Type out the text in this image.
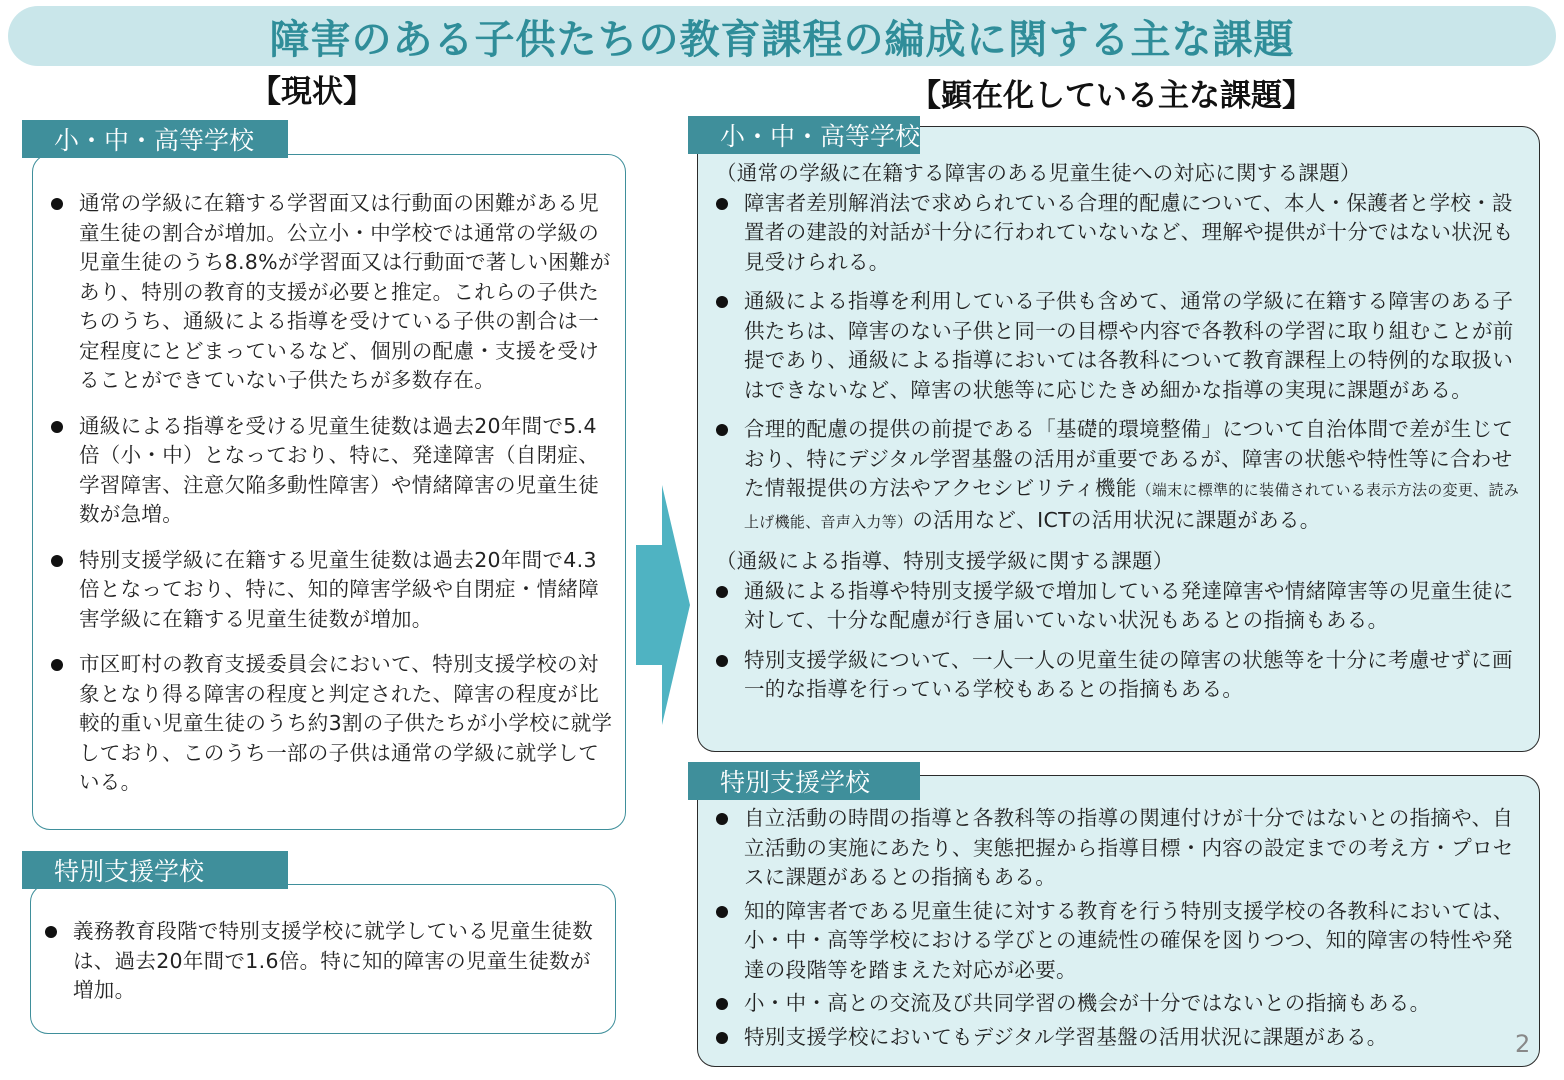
障害のある子供たちの教育課程の編成に関する主な課題
【現状】	【顕在化している主な課題】
小・中・高等学校
通常の学級に在籍する学習面又は行動面の困難がある児童生徒の割合が増加。公立小・中学校では通常の学級の児童生徒のうち8.8%が学習面又は行動面で著しい困難があり、特別の教育的支援が必要と推定。これらの子供たちのうち、通級による指導を受けている子供の割合は一定程度にとどまっているなど、個別の配慮・支援を受けることができていない子供たちが多数存在。
通級による指導を受ける児童生徒数は過去20年間で5.4倍（小・中）となっており、特に、発達障害（自閉症、学習障害、注意欠陥多動性障害）や情緒障害の児童生徒数が急増。
特別支援学級に在籍する児童生徒数は過去20年間で4.3倍となっており、特に、知的障害学級や自閉症・情緒障害学級に在籍する児童生徒数が増加。
市区町村の教育支援委員会において、特別支援学校の対象となり得る障害の程度と判定された、障害の程度が比較的重い児童生徒のうち約3割の子供たちが小学校に就学しており、このうち一部の子供は通常の学級に就学している。
特別支援学校
義務教育段階で特別支援学校に就学している児童生徒数は、過去20年間で1.6倍。特に知的障害の児童生徒数が増加。
小・中・高等学校
（通常の学級に在籍する障害のある児童生徒への対応に関する課題）
障害者差別解消法で求められている合理的配慮について、本人・保護者と学校・設置者の建設的対話が十分に行われていないなど、理解や提供が十分ではない状況も見受けられる。
通級による指導を利用している子供も含めて、通常の学級に在籍する障害のある子供たちは、障害のない子供と同一の目標や内容で各教科の学習に取り組むことが前提であり、通級による指導においては各教科について教育課程上の特例的な取扱いはできないなど、障害の状態等に応じたきめ細かな指導の実現に課題がある。
合理的配慮の提供の前提である「基礎的環境整備」について自治体間で差が生じており、特にデジタル学習基盤の活用が重要であるが、障害の状態や特性等に合わせた情報提供の方法やアクセシビリティ機能（端末に標準的に装備されている表示方法の変更、読み上げ機能、音声入力等）の活用など、ICTの活用状況に課題がある。
（通級による指導、特別支援学級に関する課題）
通級による指導や特別支援学級で増加している発達障害や情緒障害等の児童生徒に対して、十分な配慮が行き届いていない状況もあるとの指摘もある。
特別支援学級について、一人一人の児童生徒の障害の状態等を十分に考慮せずに画一的な指導を行っている学校もあるとの指摘もある。
特別支援学校
自立活動の時間の指導と各教科等の指導の関連付けが十分ではないとの指摘や、自立活動の実施にあたり、実態把握から指導目標・内容の設定までの考え方・プロセスに課題があるとの指摘もある。
知的障害者である児童生徒に対する教育を行う特別支援学校の各教科においては、小・中・高等学校における学びとの連続性の確保を図りつつ、知的障害の特性や発達の段階等を踏まえた対応が必要。
小・中・高との交流及び共同学習の機会が十分ではないとの指摘もある。
特別支援学校においてもデジタル学習基盤の活用状況に課題がある。	2
